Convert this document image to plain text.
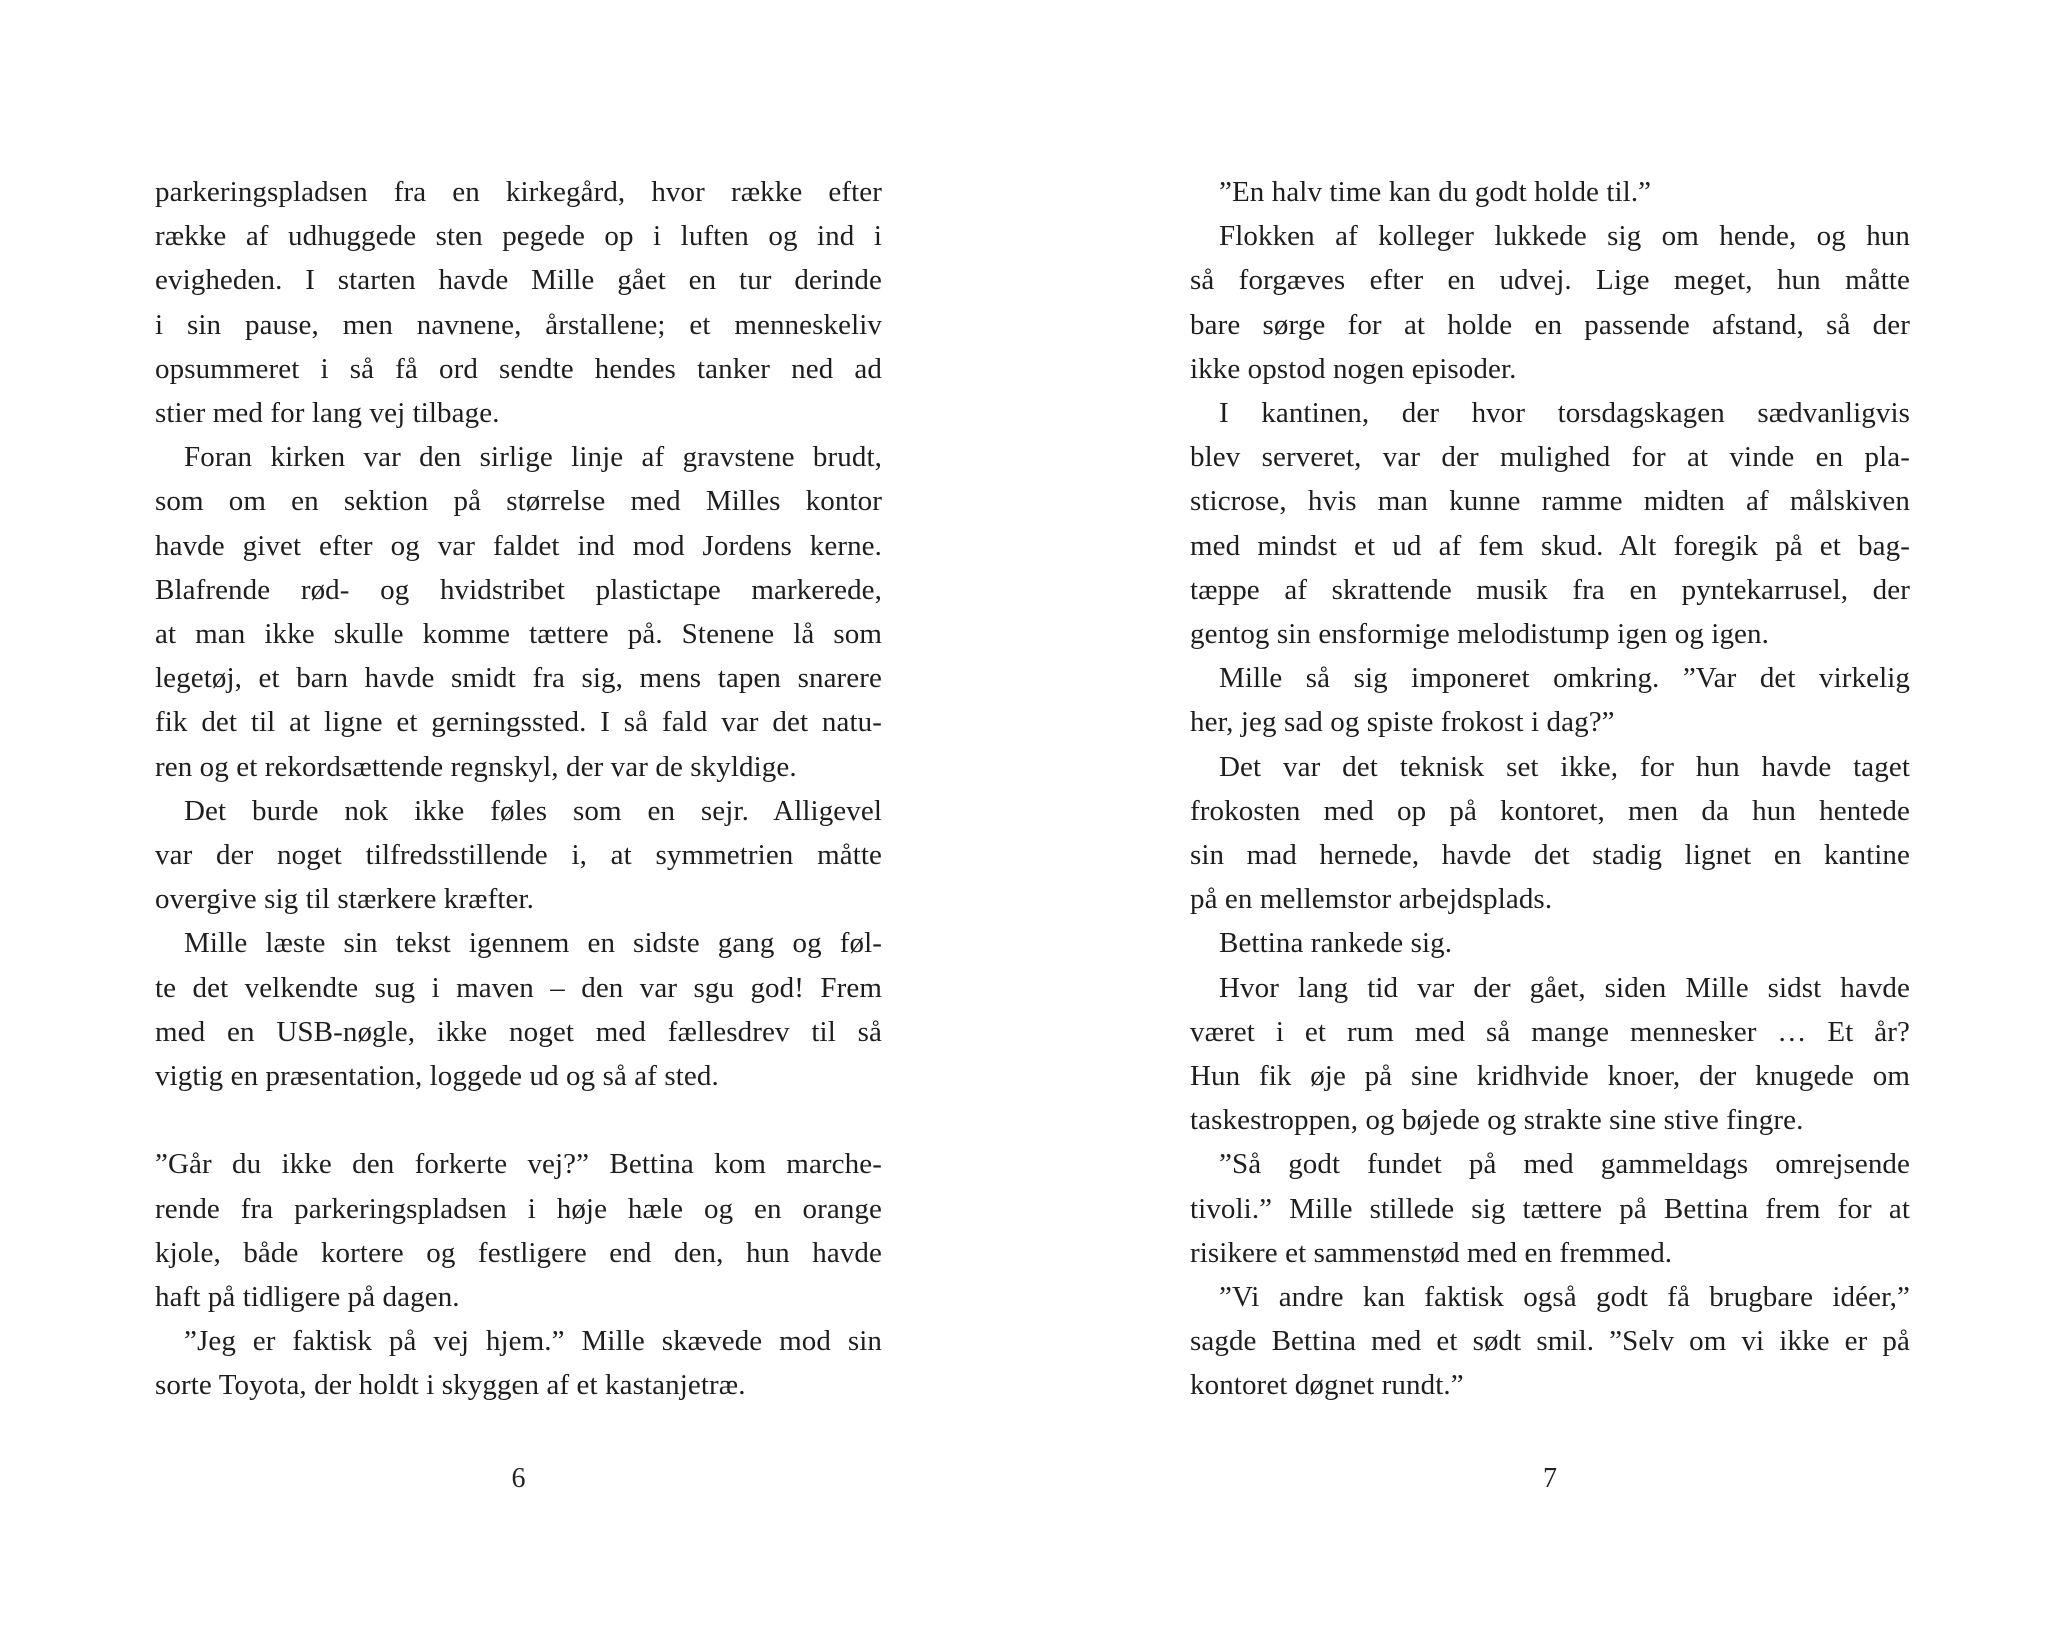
parkeringspladsen fra en kirkegård, hvor række efter
række af udhuggede sten pegede op i luften og ind i
evigheden. I starten havde Mille gået en tur derinde
i sin pause, men navnene, årstallene; et menneskeliv
opsummeret i så få ord sendte hendes tanker ned ad
stier med for lang vej tilbage.
Foran kirken var den sirlige linje af gravstene brudt,
som om en sektion på størrelse med Milles kontor
havde givet efter og var faldet ind mod Jordens kerne.
Blafrende rød- og hvidstribet plastictape markerede,
at man ikke skulle komme tættere på. Stenene lå som
legetøj, et barn havde smidt fra sig, mens tapen snarere
fik det til at ligne et gerningssted. I så fald var det natu-
ren og et rekordsættende regnskyl, der var de skyldige.
Det burde nok ikke føles som en sejr. Alligevel
var der noget tilfredsstillende i, at symmetrien måtte
overgive sig til stærkere kræfter.
Mille læste sin tekst igennem en sidste gang og føl-
te det velkendte sug i maven – den var sgu god! Frem
med en USB-nøgle, ikke noget med fællesdrev til så
vigtig en præsentation, loggede ud og så af sted.
”Går du ikke den forkerte vej?” Bettina kom marche-
rende fra parkeringspladsen i høje hæle og en orange
kjole, både kortere og festligere end den, hun havde
haft på tidligere på dagen.
”Jeg er faktisk på vej hjem.” Mille skævede mod sin
sorte Toyota, der holdt i skyggen af et kastanjetræ.
”En halv time kan du godt holde til.”
Flokken af kolleger lukkede sig om hende, og hun
så forgæves efter en udvej. Lige meget, hun måtte
bare sørge for at holde en passende afstand, så der
ikke opstod nogen episoder.
I kantinen, der hvor torsdagskagen sædvanligvis
blev serveret, var der mulighed for at vinde en pla-
sticrose, hvis man kunne ramme midten af målskiven
med mindst et ud af fem skud. Alt foregik på et bag-
tæppe af skrattende musik fra en pyntekarrusel, der
gentog sin ensformige melodistump igen og igen.
Mille så sig imponeret omkring. ”Var det virkelig
her, jeg sad og spiste frokost i dag?”
Det var det teknisk set ikke, for hun havde taget
frokosten med op på kontoret, men da hun hentede
sin mad hernede, havde det stadig lignet en kantine
på en mellemstor arbejdsplads.
Bettina rankede sig.
Hvor lang tid var der gået, siden Mille sidst havde
været i et rum med så mange mennesker … Et år?
Hun fik øje på sine kridhvide knoer, der knugede om
taskestroppen, og bøjede og strakte sine stive fingre.
”Så godt fundet på med gammeldags omrejsende
tivoli.” Mille stillede sig tættere på Bettina frem for at
risikere et sammenstød med en fremmed.
”Vi andre kan faktisk også godt få brugbare idéer,”
sagde Bettina med et sødt smil. ”Selv om vi ikke er på
kontoret døgnet rundt.”
6	7
